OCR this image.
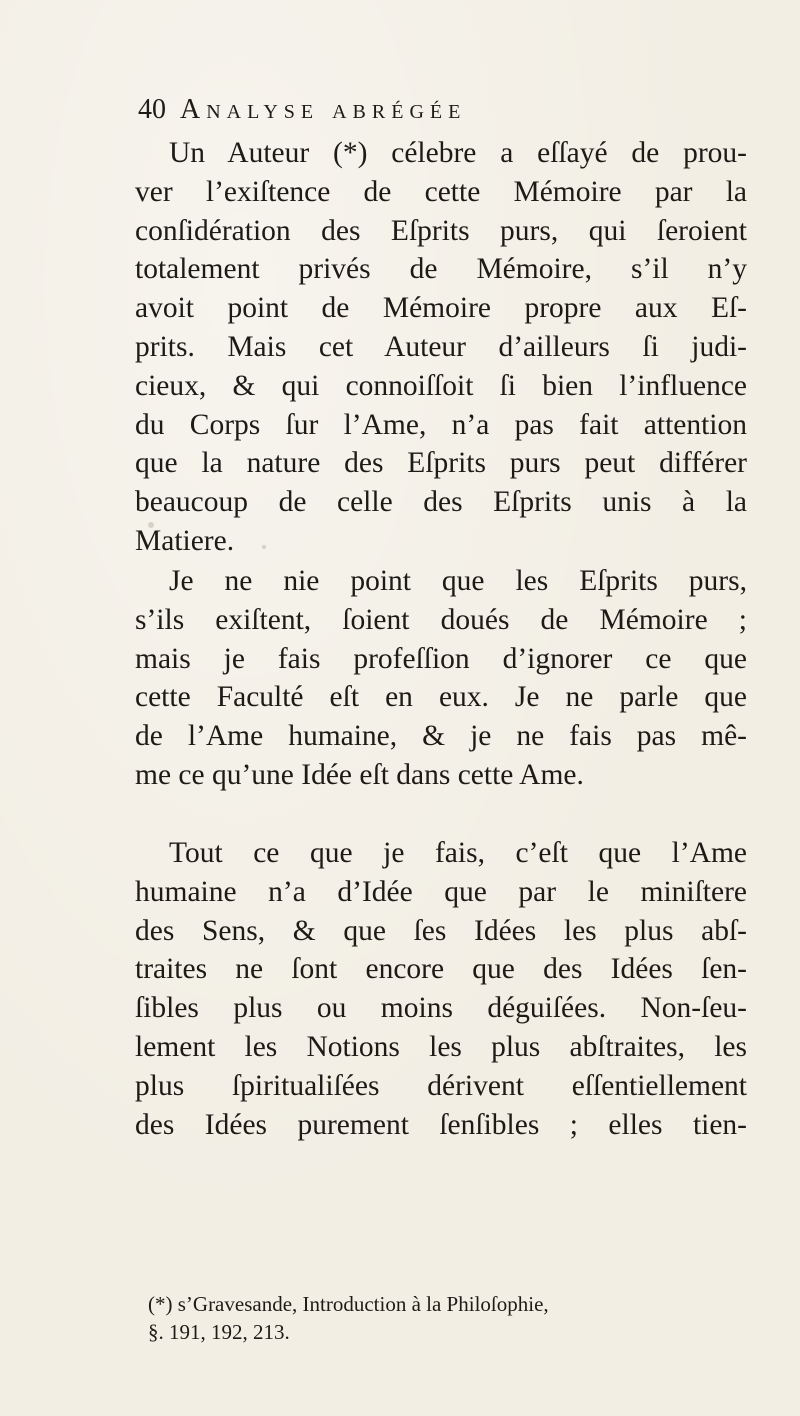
40 Analyse abrégée
Un Auteur (*) célebre a eſſayé de prou-
ver l’exiſtence de cette Mémoire par la
conſidération des Eſprits purs, qui ſeroient
totalement privés de Mémoire, s’il n’y
avoit point de Mémoire propre aux Eſ-
prits. Mais cet Auteur d’ailleurs ſi judi-
cieux, & qui connoiſſoit ſi bien l’influence
du Corps ſur l’Ame, n’a pas fait attention
que la nature des Eſprits purs peut différer
beaucoup de celle des Eſprits unis à la
Matiere.
Je ne nie point que les Eſprits purs,
s’ils exiſtent, ſoient doués de Mémoire ;
mais je fais profeſſion d’ignorer ce que
cette Faculté eſt en eux. Je ne parle que
de l’Ame humaine, & je ne fais pas mê-
me ce qu’une Idée eſt dans cette Ame.
Tout ce que je fais, c’eſt que l’Ame
humaine n’a d’Idée que par le miniſtere
des Sens, & que ſes Idées les plus abſ-
traites ne ſont encore que des Idées ſen-
ſibles plus ou moins déguiſées. Non-ſeu-
lement les Notions les plus abſtraites, les
plus ſpiritualiſées dérivent eſſentiellement
des Idées purement ſenſibles ; elles tien-
(*) s’Gravesande, Introduction à la Philoſophie,
§. 191, 192, 213.
